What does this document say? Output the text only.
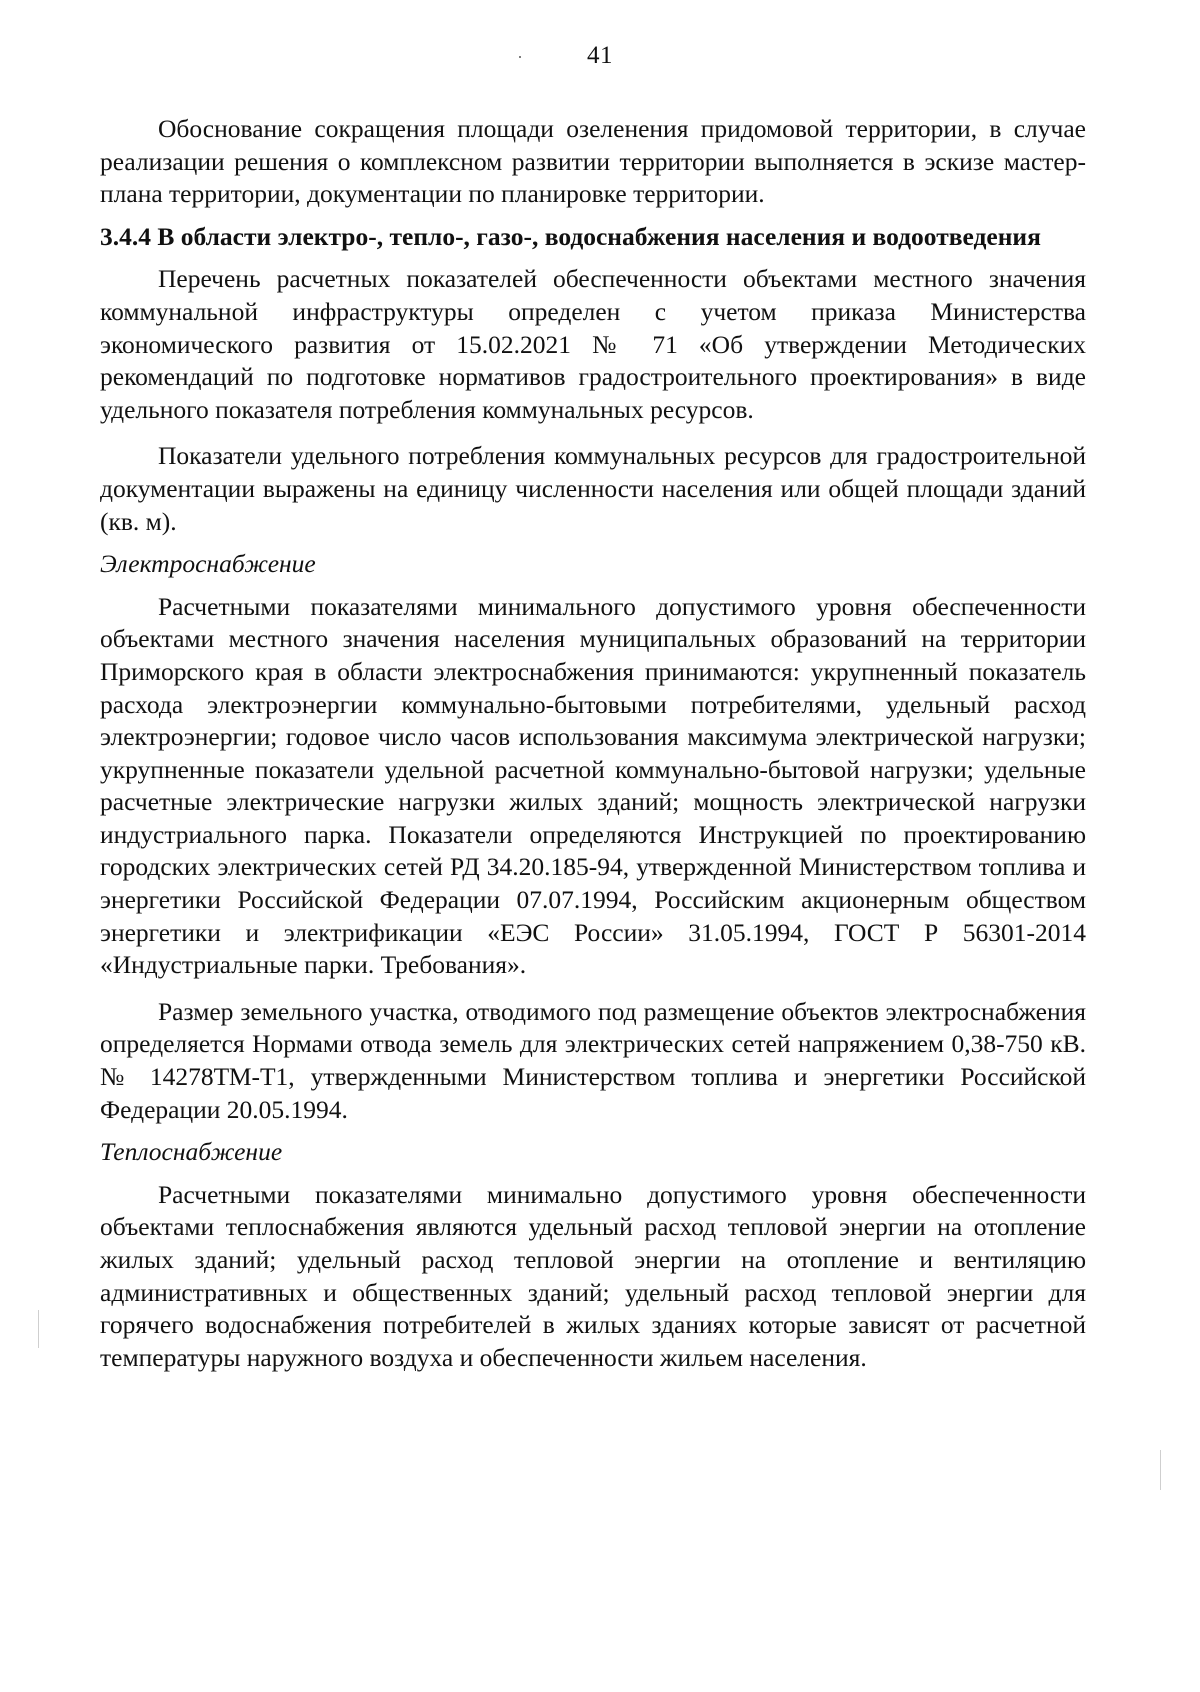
41

Обоснование сокращения площади озеленения придомовой территории, в случае реализации решения о комплексном развитии территории выполняется в эскизе мастер-плана территории, документации по планировке территории.

3.4.4 В области электро-, тепло-, газо-, водоснабжения населения и водоотведения

Перечень расчетных показателей обеспеченности объектами местного значения коммунальной инфраструктуры определен с учетом приказа Министерства экономического развития от 15.02.2021 № 71 «Об утверждении Методических рекомендаций по подготовке нормативов градостроительного проектирования» в виде удельного показателя потребления коммунальных ресурсов.

Показатели удельного потребления коммунальных ресурсов для градостроительной документации выражены на единицу численности населения или общей площади зданий (кв. м).

Электроснабжение

Расчетными показателями минимального допустимого уровня обеспеченности объектами местного значения населения муниципальных образований на территории Приморского края в области электроснабжения принимаются: укрупненный показатель расхода электроэнергии коммунально-бытовыми потребителями, удельный расход электроэнергии; годовое число часов использования максимума электрической нагрузки; укрупненные показатели удельной расчетной коммунально-бытовой нагрузки; удельные расчетные электрические нагрузки жилых зданий; мощность электрической нагрузки индустриального парка. Показатели определяются Инструкцией по проектированию городских электрических сетей РД 34.20.185-94, утвержденной Министерством топлива и энергетики Российской Федерации 07.07.1994, Российским акционерным обществом энергетики и электрификации «ЕЭС России» 31.05.1994, ГОСТ Р 56301-2014 «Индустриальные парки. Требования».

Размер земельного участка, отводимого под размещение объектов электроснабжения определяется Нормами отвода земель для электрических сетей напряжением 0,38-750 кВ. № 14278ТМ-Т1, утвержденными Министерством топлива и энергетики Российской Федерации 20.05.1994.

Теплоснабжение

Расчетными показателями минимально допустимого уровня обеспеченности объектами теплоснабжения являются удельный расход тепловой энергии на отопление жилых зданий; удельный расход тепловой энергии на отопление и вентиляцию административных и общественных зданий; удельный расход тепловой энергии для горячего водоснабжения потребителей в жилых зданиях которые зависят от расчетной температуры наружного воздуха и обеспеченности жильем населения.
